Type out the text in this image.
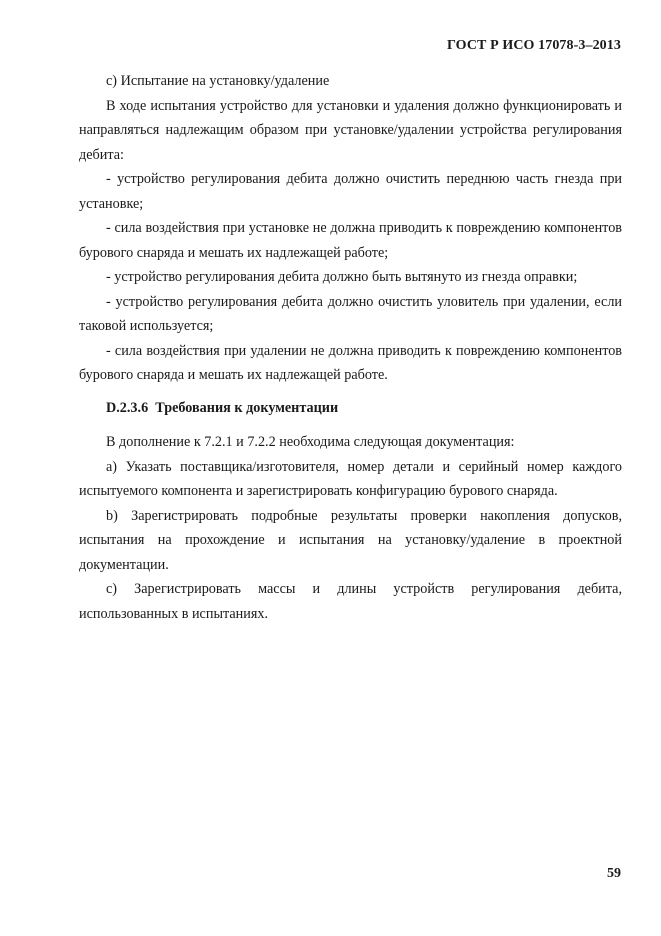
ГОСТ Р ИСО 17078-3–2013

c) Испытание на установку/удаление

В ходе испытания устройство для установки и удаления должно функционировать и направляться надлежащим образом при установке/удалении устройства регулирования дебита:

- устройство регулирования дебита должно очистить переднюю часть гнезда при установке;

- сила воздействия при установке не должна приводить к повреждению компонентов бурового снаряда и мешать их надлежащей работе;

- устройство регулирования дебита должно быть вытянуто из гнезда оправки;

- устройство регулирования дебита должно очистить уловитель при удалении, если таковой используется;

- сила воздействия при удалении не должна приводить к повреждению компонентов бурового снаряда и мешать их надлежащей работе.

D.2.3.6 Требования к документации

В дополнение к 7.2.1 и 7.2.2 необходима следующая документация:

a) Указать поставщика/изготовителя, номер детали и серийный номер каждого испытуемого компонента и зарегистрировать конфигурацию бурового снаряда.

b) Зарегистрировать подробные результаты проверки накопления допусков, испытания на прохождение и испытания на установку/удаление в проектной документации.

c) Зарегистрировать массы и длины устройств регулирования дебита, использованных в испытаниях.

59
